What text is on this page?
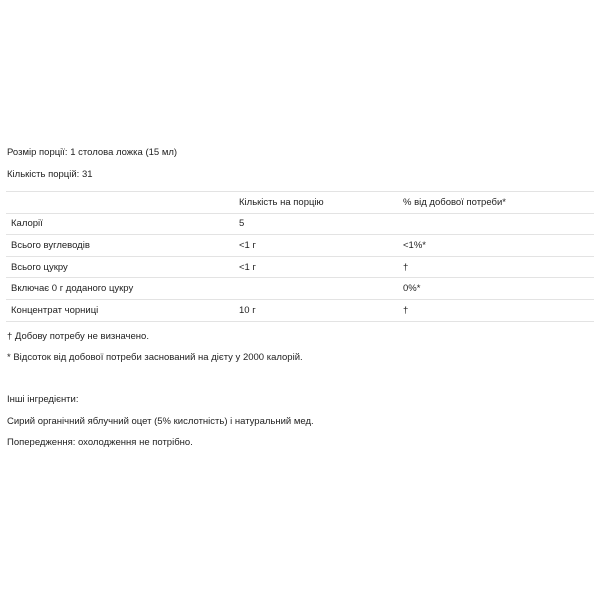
Розмір порції: 1 столова ложка (15 мл)
Кількість порцій: 31
	Кількість на порцію	% від добової потреби*
Калорії	5	
Всього вуглеводів	<1 г	<1%*
Всього цукру	<1 г	†
Включає 0 г доданого цукру		0%*
Концентрат чорниці	10 г	†
† Добову потребу не визначено.
* Відсоток від добової потреби заснований на дієту у 2000 калорій.
Інші інгредієнти:
Сирий органічний яблучний оцет (5% кислотність) і натуральний мед.
Попередження: охолодження не потрібно.
